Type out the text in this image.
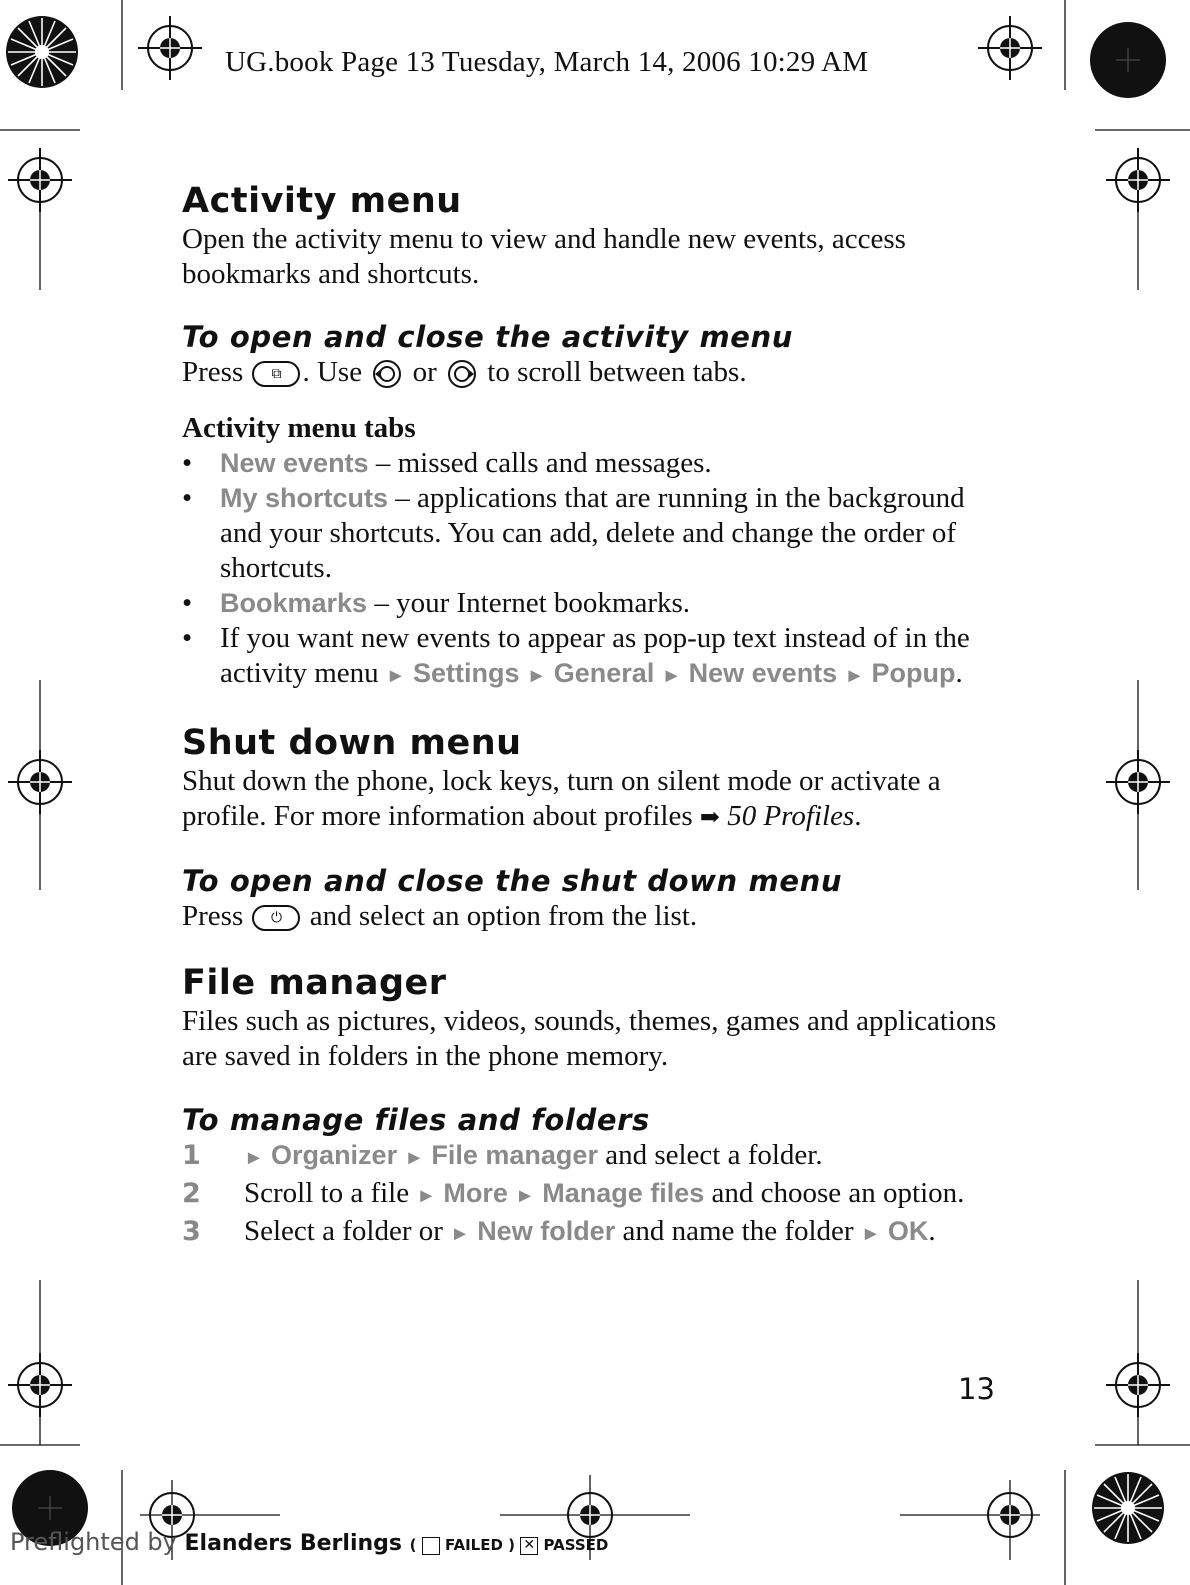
UG.book Page 13 Tuesday, March 14, 2006 10:29 AM
Activity menu

Open the activity menu to view and handle new events, access bookmarks and shortcuts.

To open and close the activity menu

Press ⧉ . Use or to scroll between tabs.

Activity menu tabs
• New events – missed calls and messages.
• My shortcuts – applications that are running in the background and your shortcuts. You can add, delete and change the order of shortcuts.
• Bookmarks – your Internet bookmarks.
• If you want new events to appear as pop-up text instead of in the activity menu ► Settings ► General ► New events ► Popup.
Shut down menu

Shut down the phone, lock keys, turn on silent mode or activate a profile. For more information about profiles ➡ 50 Profiles.

To open and close the shut down menu

Press ⏻ and select an option from the list.

File manager

Files such as pictures, videos, sounds, themes, games and applications are saved in folders in the phone memory.

To manage files and folders
1 ► Organizer ► File manager and select a folder.
2 Scroll to a file ► More ► Manage files and choose an option.
3 Select a folder or ► New folder and name the folder ► OK.
13
Preflighted by Elanders Berlings (  FAILED ) ✕ PASSED
